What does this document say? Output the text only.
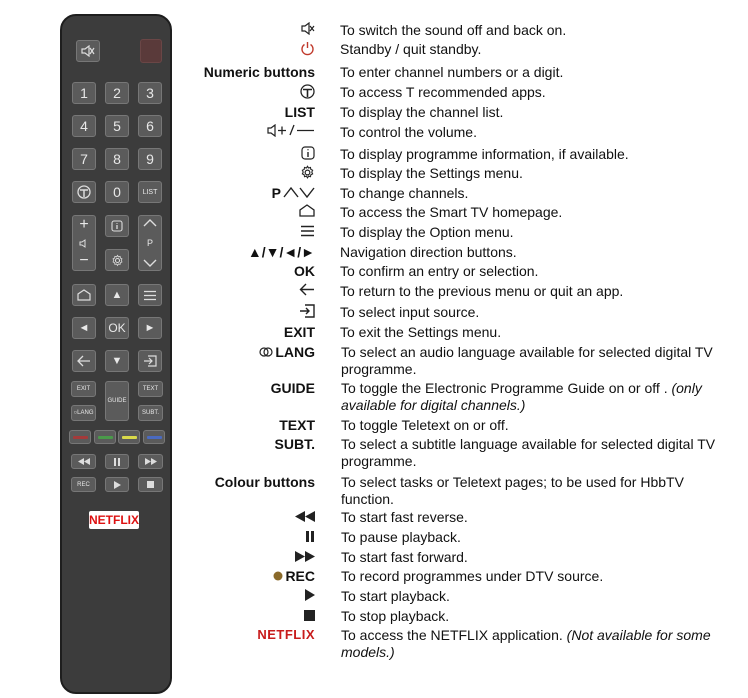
1	2	3
4	5	6
7	8	9
0	LIST
+
−
P
▲
◄	OK	►
▼
EXIT
GUIDE
TEXT
○ LANG	SUBT.
REC
NETFLIX
To switch the sound off and back on.
Standby / quit standby.
Numeric buttons To enter channel numbers or a digit.
To access T recommended apps.
LIST To display the channel list.
To control the volume.
To display programme information, if available.
To display the Settings menu.
P	To change channels.
To access the Smart TV homepage.
To display the Option menu.
▲/▼/◄/► Navigation direction buttons.
OK To confirm an entry or selection.
To return to the previous menu or quit an app.
To select input source.
EXIT To exit the Settings menu.
LANG To select an audio language available for selected digital TV programme.
GUIDE To toggle the Electronic Programme Guide on or off . (only available for digital channels.)
TEXT To toggle Teletext on or off.
SUBT. To select a subtitle language available for selected digital TV programme.
Colour buttons To select tasks or Teletext pages; to be used for HbbTV function.
To start fast reverse.
To pause playback.
To start fast forward.
REC To record programmes under DTV source.
To start playback.
To stop playback.
NETFLIX To access the NETFLIX application. (Not available for some models.)
